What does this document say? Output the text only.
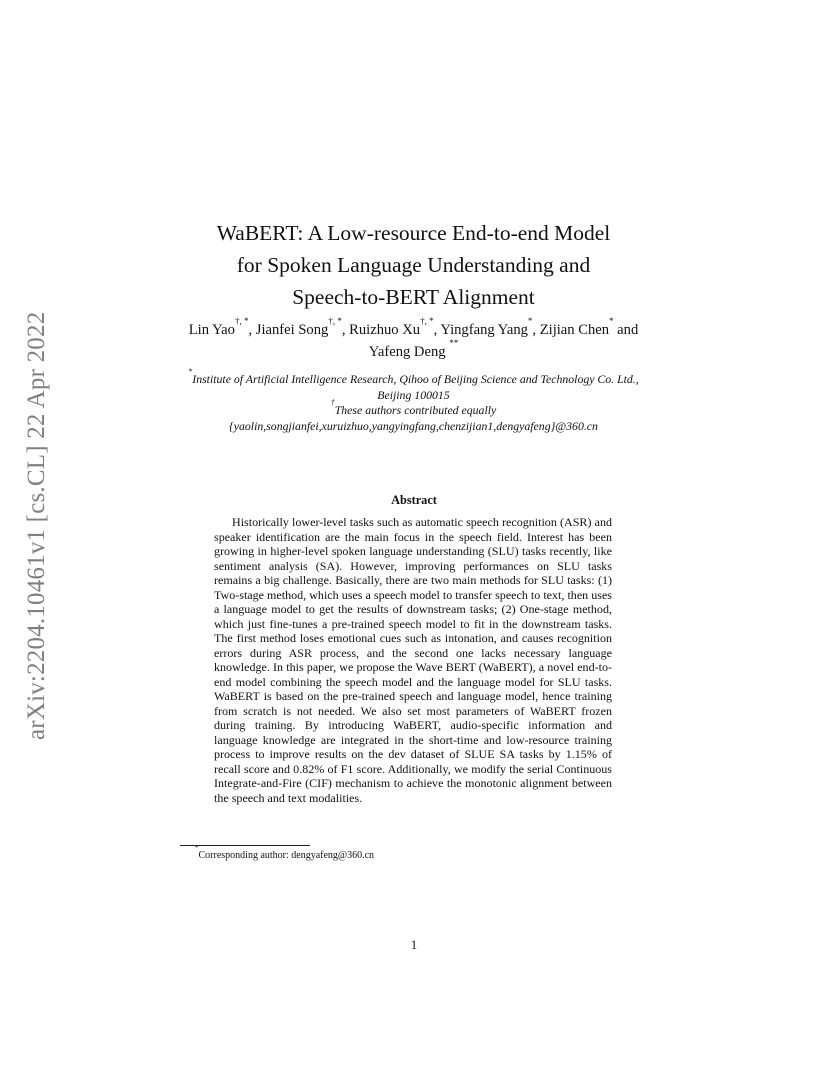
arXiv:2204.10461v1 [cs.CL] 22 Apr 2022
WaBERT: A Low-resource End-to-end Model
for Spoken Language Understanding and
Speech-to-BERT Alignment
Lin Yao†, *, Jianfei Song†, *, Ruizhuo Xu†, *, Yingfang Yang*, Zijian Chen* and Yafeng Deng **
*Institute of Artificial Intelligence Research, Qihoo of Beijing Science and Technology Co. Ltd., Beijing 100015
†These authors contributed equally
{yaolin,songjianfei,xuruizhuo,yangyingfang,chenzijian1,dengyafeng}@360.cn
Abstract

Historically lower-level tasks such as automatic speech recognition (ASR) and speaker identification are the main focus in the speech field. Interest has been growing in higher-level spoken language understanding (SLU) tasks recently, like sentiment analysis (SA). However, improving performances on SLU tasks remains a big challenge. Basically, there are two main methods for SLU tasks: (1) Two-stage method, which uses a speech model to transfer speech to text, then uses a language model to get the results of downstream tasks; (2) One-stage method, which just fine-tunes a pre-trained speech model to fit in the downstream tasks. The first method loses emotional cues such as intonation, and causes recognition errors during ASR process, and the second one lacks necessary language knowledge. In this paper, we propose the Wave BERT (WaBERT), a novel end-to-end model combining the speech model and the language model for SLU tasks. WaBERT is based on the pre-trained speech and language model, hence training from scratch is not needed. We also set most parameters of WaBERT frozen during training. By introducing WaBERT, audio-specific information and language knowledge are integrated in the short-time and low-resource training process to improve results on the dev dataset of SLUE SA tasks by 1.15% of recall score and 0.82% of F1 score. Additionally, we modify the serial Continuous Integrate-and-Fire (CIF) mechanism to achieve the monotonic alignment between the speech and text modalities.

*Corresponding author: dengyafeng@360.cn
1
